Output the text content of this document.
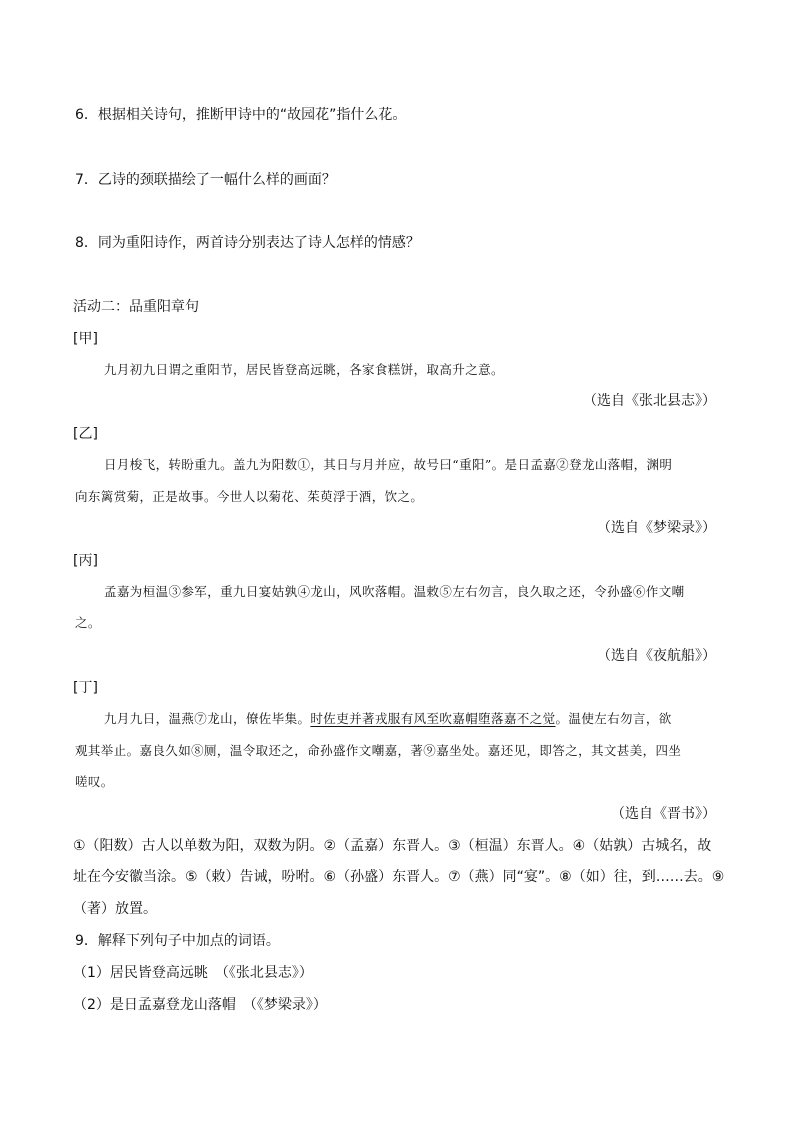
6．根据相关诗句，推断甲诗中的“故园花”指什么花。
7．乙诗的颈联描绘了一幅什么样的画面？
8．同为重阳诗作，两首诗分别表达了诗人怎样的情感？
活动二：品重阳章句
[甲]
九月初九日谓之重阳节，居民皆登高远眺，各家食糕饼，取高升之意。
（选自《张北县志》）
[乙]
日月梭飞，转盼重九。盖九为阳数①，其日与月并应，故号曰“重阳”。是日孟嘉②登龙山落帽，渊明
向东篱赏菊，正是故事。今世人以菊花、茱萸浮于酒，饮之。
（选自《梦梁录》）
[丙]
孟嘉为桓温③参军，重九日宴姑孰④龙山，风吹落帽。温敕⑤左右勿言，良久取之还，令孙盛⑥作文嘲
之。
（选自《夜航船》）
[丁]
九月九日，温燕⑦龙山，僚佐毕集。时佐吏并著戎服有风至吹嘉帽堕落嘉不之觉。温使左右勿言，欲
观其举止。嘉良久如⑧厕，温令取还之，命孙盛作文嘲嘉，著⑨嘉坐处。嘉还见，即答之，其文甚美，四坐
嗟叹。
（选自《晋书》）
①（阳数）古人以单数为阳，双数为阴。②（孟嘉）东晋人。③（桓温）东晋人。④（姑孰）古城名，故
址在今安徽当涂。⑤（敕）告诫，吩咐。⑥（孙盛）东晋人。⑦（燕）同“宴”。⑧（如）往，到……去。⑨
（著）放置。
9．解释下列句子中加点的词语。
（1）居民皆登高远眺　（《张北县志》）
（2）是日孟嘉登龙山落帽　（《梦梁录》）
